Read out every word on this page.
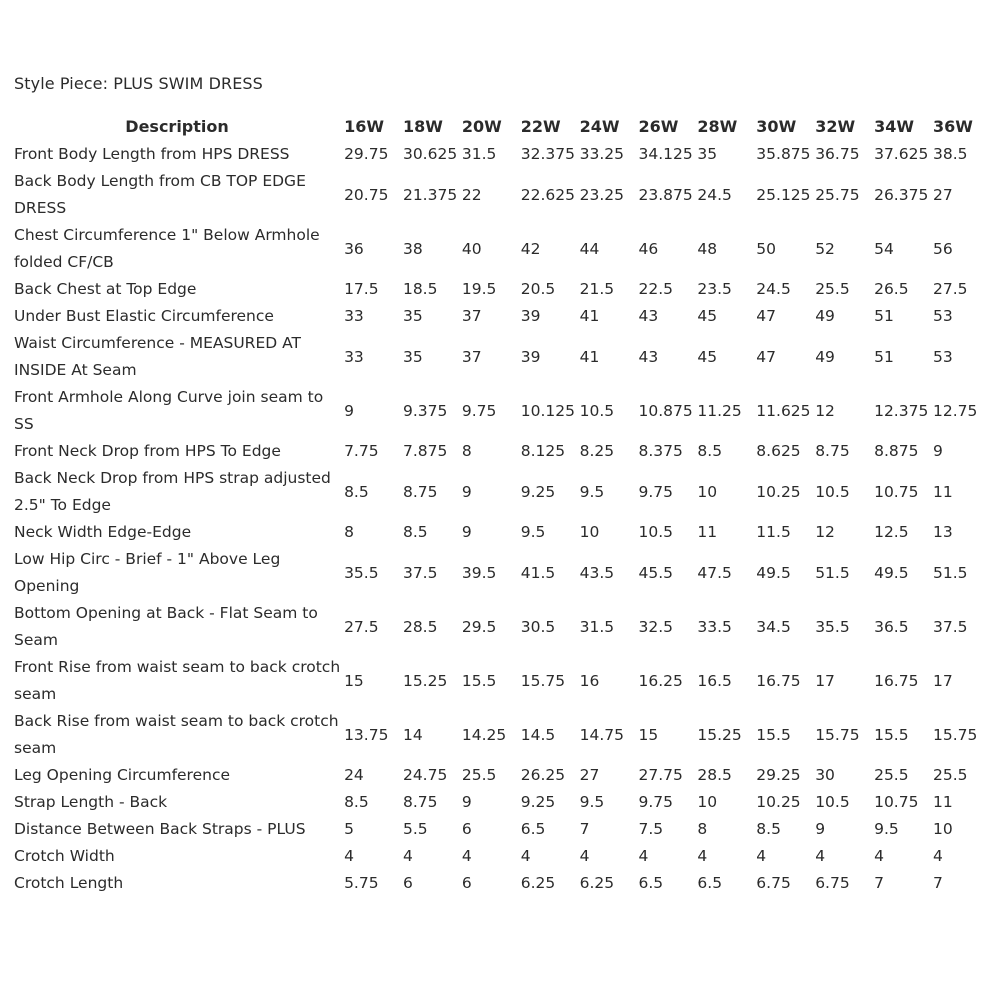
Style Piece: PLUS SWIM DRESS
Description	16W	18W	20W	22W	24W	26W	28W	30W	32W	34W	36W
Front Body Length from HPS DRESS	29.75	30.625	31.5	32.375	33.25	34.125	35	35.875	36.75	37.625	38.5
Back Body Length from CB TOP EDGE DRESS	20.75	21.375	22	22.625	23.25	23.875	24.5	25.125	25.75	26.375	27
Chest Circumference 1" Below Armhole folded CF/CB	36	38	40	42	44	46	48	50	52	54	56
Back Chest at Top Edge	17.5	18.5	19.5	20.5	21.5	22.5	23.5	24.5	25.5	26.5	27.5
Under Bust Elastic Circumference	33	35	37	39	41	43	45	47	49	51	53
Waist Circumference - MEASURED AT INSIDE At Seam	33	35	37	39	41	43	45	47	49	51	53
Front Armhole Along Curve join seam to SS	9	9.375	9.75	10.125	10.5	10.875	11.25	11.625	12	12.375	12.75
Front Neck Drop from HPS To Edge	7.75	7.875	8	8.125	8.25	8.375	8.5	8.625	8.75	8.875	9
Back Neck Drop from HPS strap adjusted 2.5" To Edge	8.5	8.75	9	9.25	9.5	9.75	10	10.25	10.5	10.75	11
Neck Width Edge-Edge	8	8.5	9	9.5	10	10.5	11	11.5	12	12.5	13
Low Hip Circ - Brief - 1" Above Leg Opening	35.5	37.5	39.5	41.5	43.5	45.5	47.5	49.5	51.5	49.5	51.5
Bottom Opening at Back - Flat Seam to Seam	27.5	28.5	29.5	30.5	31.5	32.5	33.5	34.5	35.5	36.5	37.5
Front Rise from waist seam to back crotch seam	15	15.25	15.5	15.75	16	16.25	16.5	16.75	17	16.75	17
Back Rise from waist seam to back crotch seam	13.75	14	14.25	14.5	14.75	15	15.25	15.5	15.75	15.5	15.75
Leg Opening Circumference	24	24.75	25.5	26.25	27	27.75	28.5	29.25	30	25.5	25.5
Strap Length - Back	8.5	8.75	9	9.25	9.5	9.75	10	10.25	10.5	10.75	11
Distance Between Back Straps - PLUS	5	5.5	6	6.5	7	7.5	8	8.5	9	9.5	10
Crotch Width	4	4	4	4	4	4	4	4	4	4	4
Crotch Length	5.75	6	6	6.25	6.25	6.5	6.5	6.75	6.75	7	7
